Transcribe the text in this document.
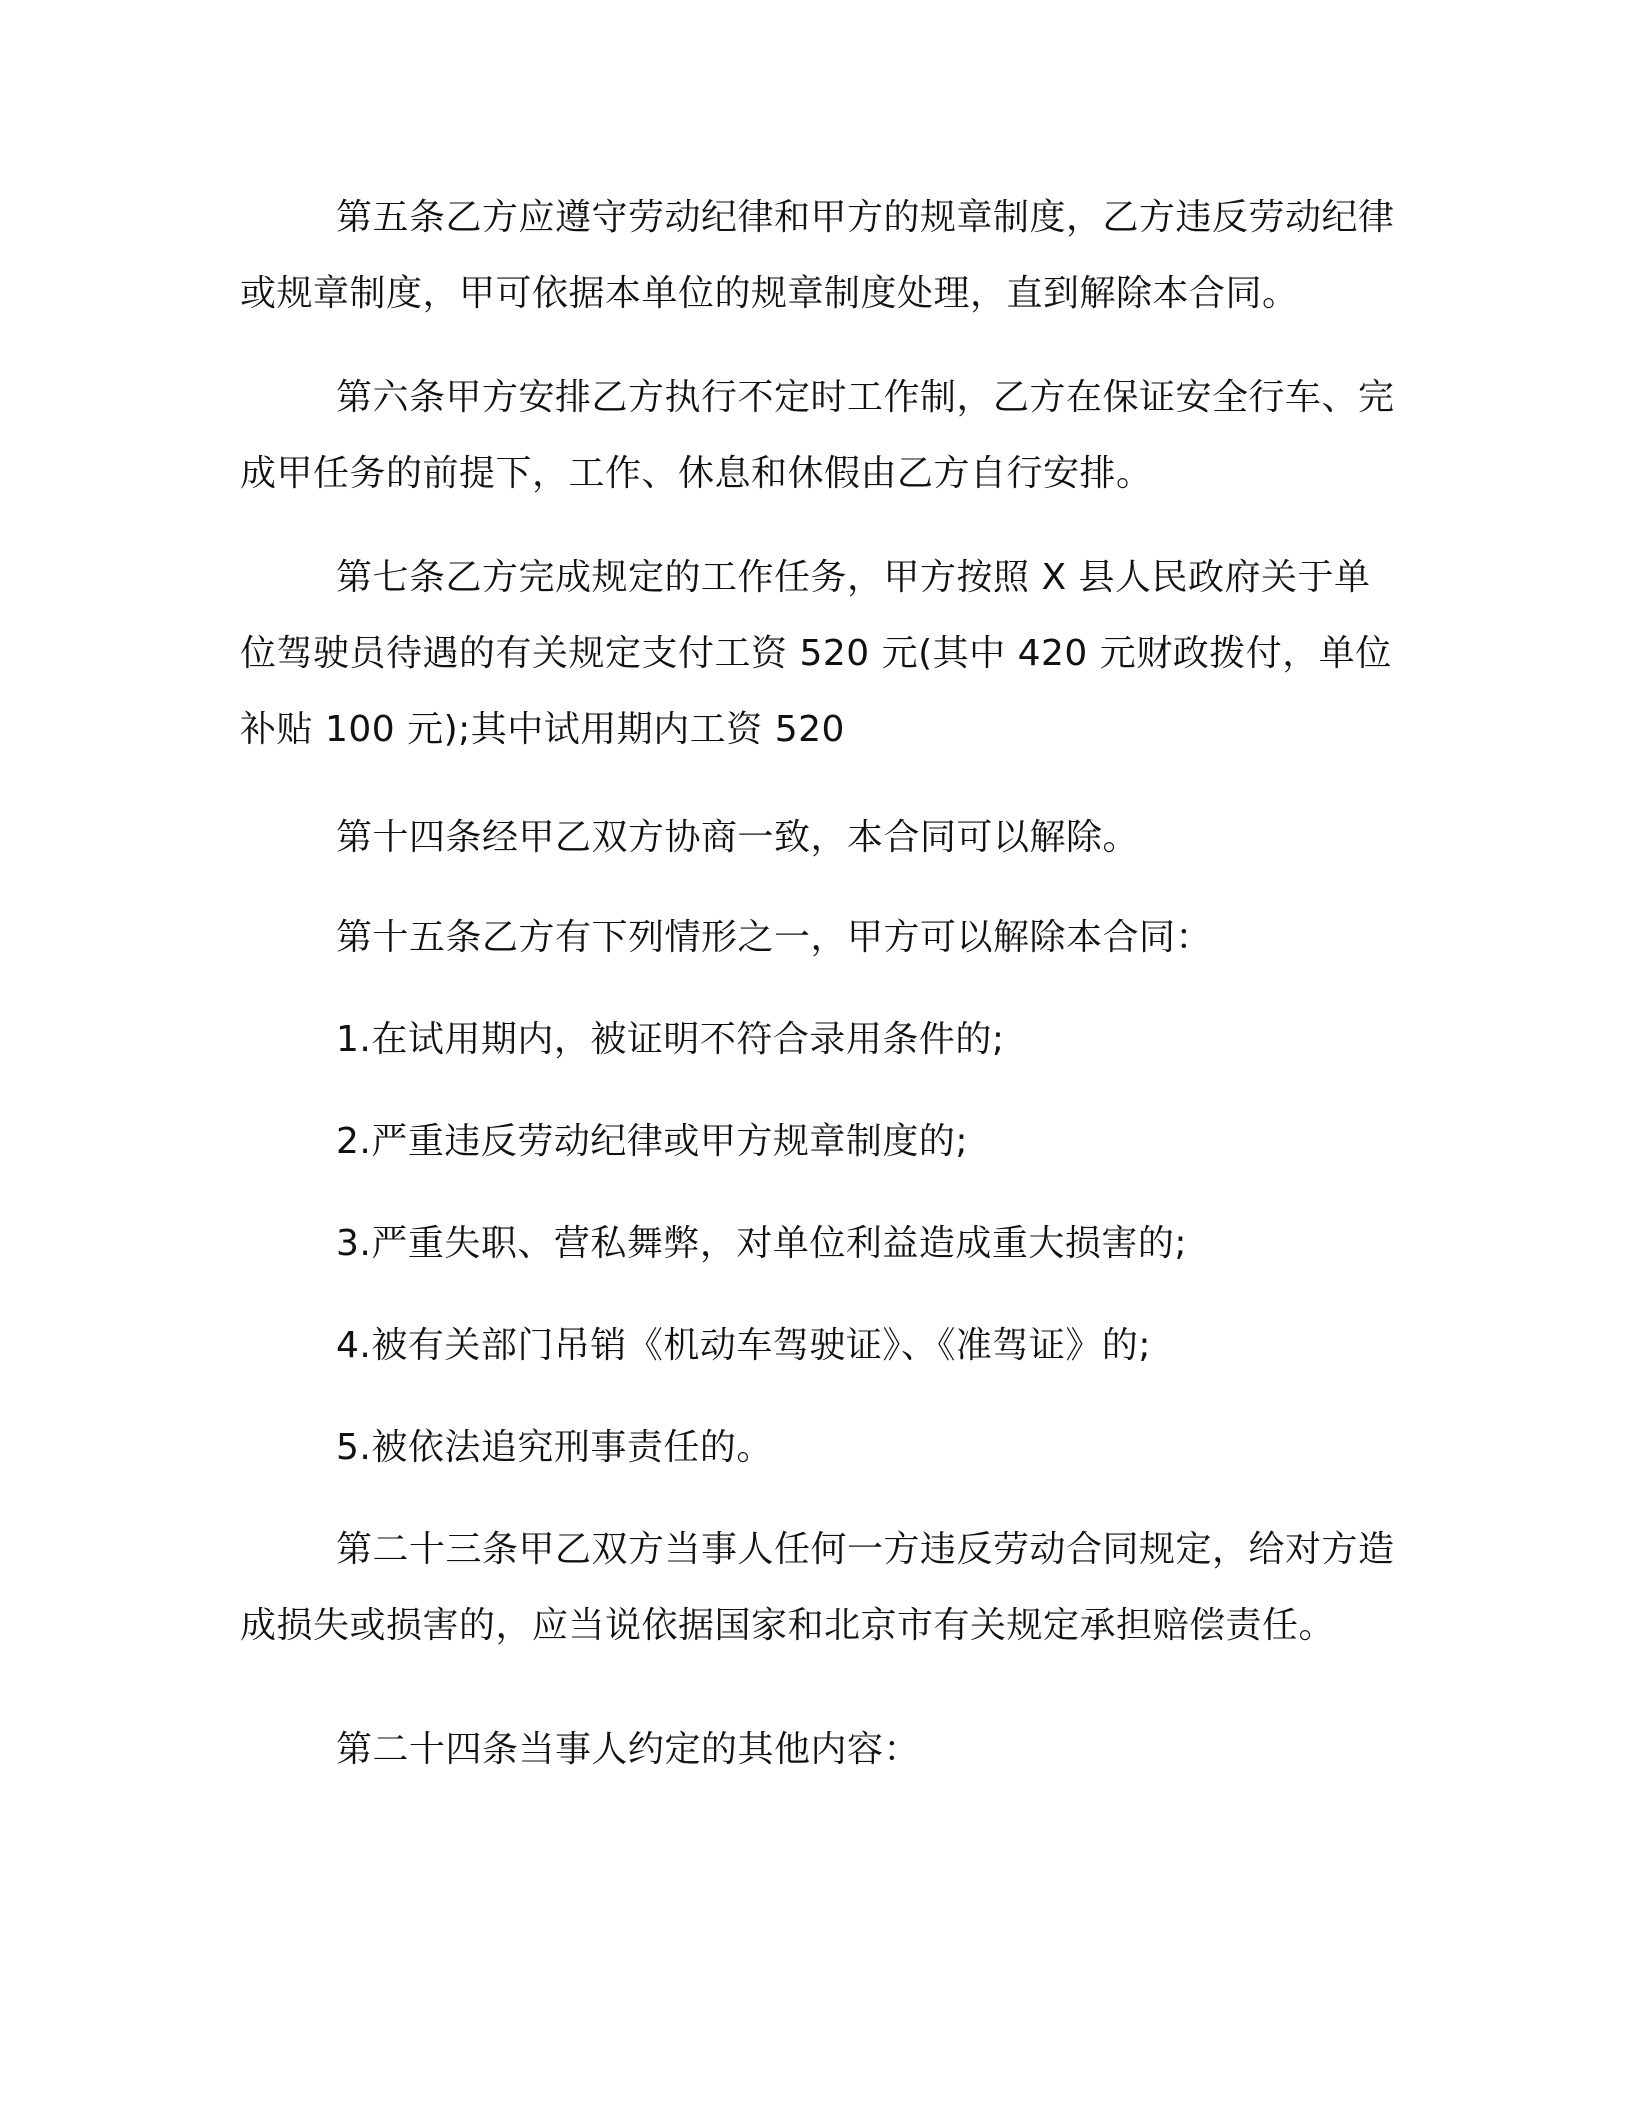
第五条乙方应遵守劳动纪律和甲方的规章制度，乙方违反劳动纪律或规章制度，甲可依据本单位的规章制度处理，直到解除本合同。

第六条甲方安排乙方执行不定时工作制，乙方在保证安全行车、完成甲任务的前提下，工作、休息和休假由乙方自行安排。

第七条乙方完成规定的工作任务，甲方按照 X 县人民政府关于单位驾驶员待遇的有关规定支付工资 520 元(其中 420 元财政拨付，单位补贴 100 元);其中试用期内工资 520

第十四条经甲乙双方协商一致，本合同可以解除。

第十五条乙方有下列情形之一，甲方可以解除本合同：

1.在试用期内，被证明不符合录用条件的;

2.严重违反劳动纪律或甲方规章制度的;

3.严重失职、营私舞弊，对单位利益造成重大损害的;

4.被有关部门吊销《机动车驾驶证》、《准驾证》的;

5.被依法追究刑事责任的。

第二十三条甲乙双方当事人任何一方违反劳动合同规定，给对方造成损失或损害的，应当说依据国家和北京市有关规定承担赔偿责任。

第二十四条当事人约定的其他内容：
